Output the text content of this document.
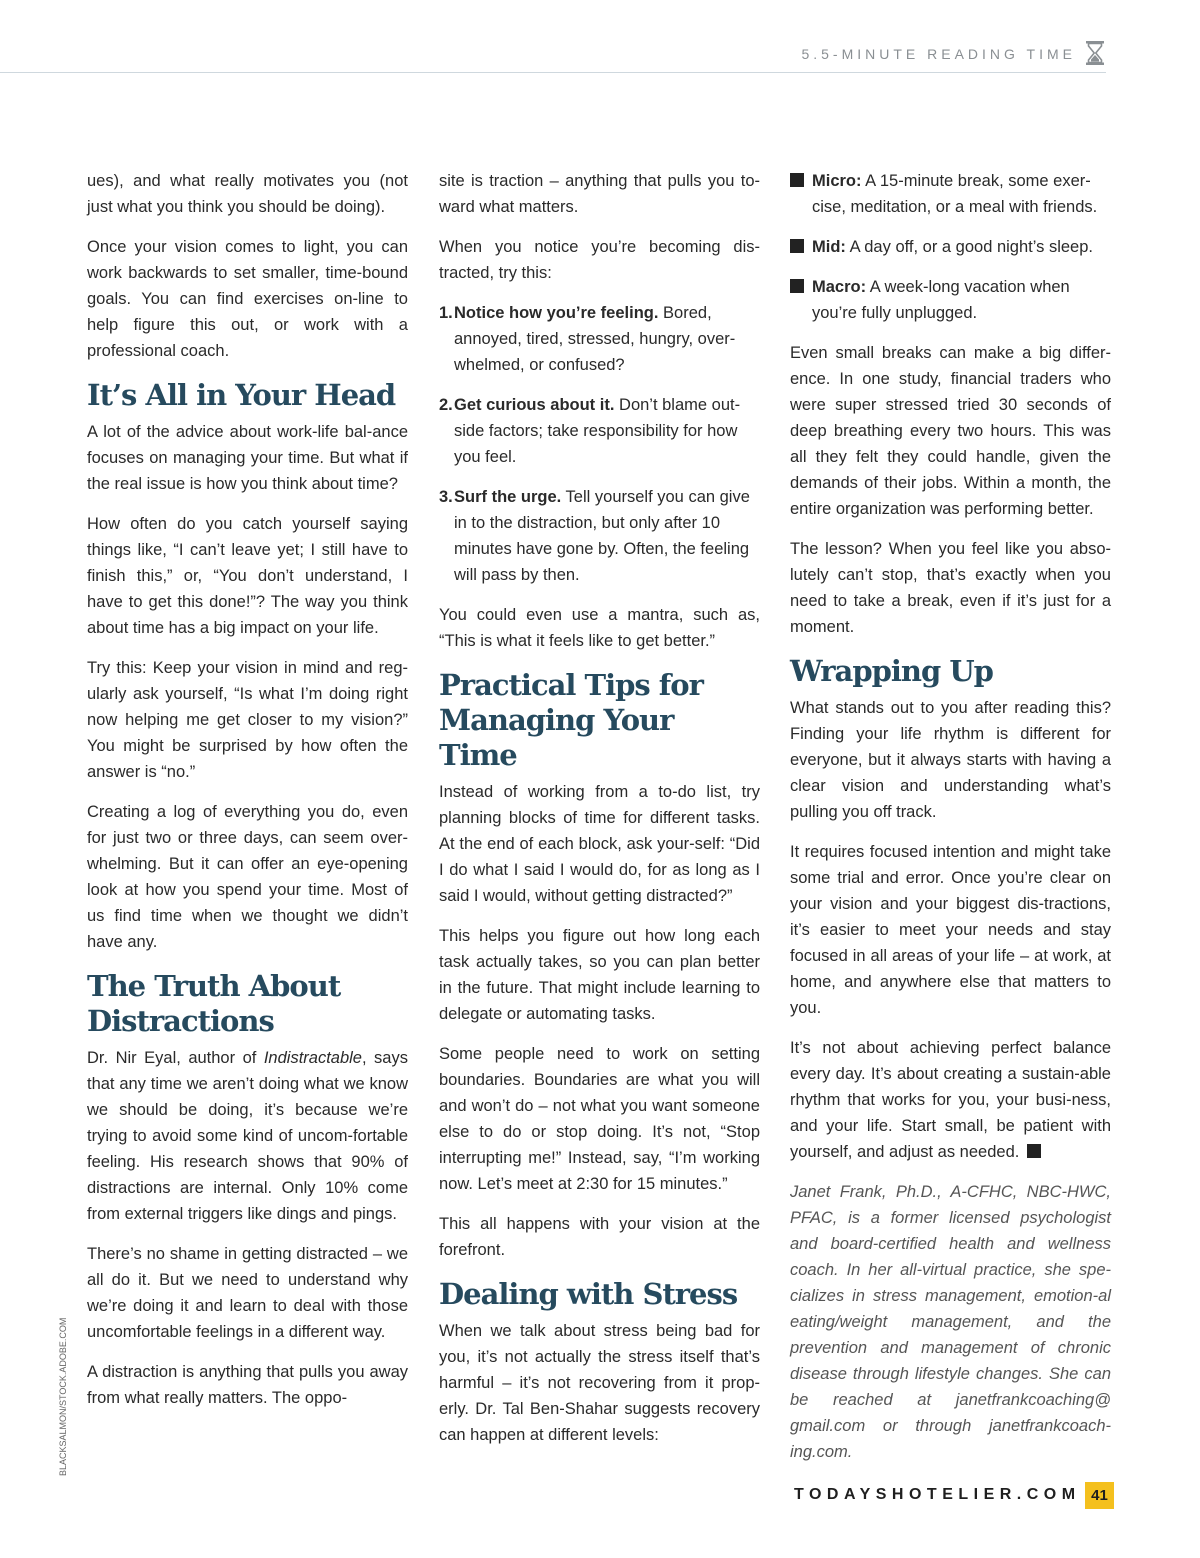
5.5-MINUTE READING TIME

ues), and what really motivates you (not just what you think you should be doing).

Once your vision comes to light, you can work backwards to set smaller, time-bound goals. You can find exercises on-line to help figure this out, or work with a professional coach.

It’s All in Your Head

A lot of the advice about work-life bal-ance focuses on managing your time. But what if the real issue is how you think about time?

How often do you catch yourself saying things like, “I can’t leave yet; I still have to finish this,” or, “You don’t understand, I have to get this done!”? The way you think about time has a big impact on your life.

Try this: Keep your vision in mind and reg-ularly ask yourself, “Is what I’m doing right now helping me get closer to my vision?” You might be surprised by how often the answer is “no.”

Creating a log of everything you do, even for just two or three days, can seem over-whelming. But it can offer an eye-opening look at how you spend your time. Most of us find time when we thought we didn’t have any.

The Truth About Distractions

Dr. Nir Eyal, author of Indistractable, says that any time we aren’t doing what we know we should be doing, it’s because we’re trying to avoid some kind of uncom-fortable feeling. His research shows that 90% of distractions are internal. Only 10% come from external triggers like dings and pings.

There’s no shame in getting distracted – we all do it. But we need to understand why we’re doing it and learn to deal with those uncomfortable feelings in a different way.

A distraction is anything that pulls you away from what really matters. The oppo-

site is traction – anything that pulls you to-ward what matters.

When you notice you’re becoming dis-tracted, try this:

1. Notice how you’re feeling. Bored, annoyed, tired, stressed, hungry, over-whelmed, or confused?
2. Get curious about it. Don’t blame out-side factors; take responsibility for how you feel.
3. Surf the urge. Tell yourself you can give in to the distraction, but only after 10 minutes have gone by. Often, the feeling will pass by then.

You could even use a mantra, such as, “This is what it feels like to get better.”

Practical Tips for Managing Your Time

Instead of working from a to-do list, try planning blocks of time for different tasks. At the end of each block, ask your-self: “Did I do what I said I would do, for as long as I said I would, without getting distracted?”

This helps you figure out how long each task actually takes, so you can plan better in the future. That might include learning to delegate or automating tasks.

Some people need to work on setting boundaries. Boundaries are what you will and won’t do – not what you want someone else to do or stop doing. It’s not, “Stop interrupting me!” Instead, say, “I’m working now. Let’s meet at 2:30 for 15 minutes.”

This all happens with your vision at the forefront.

Dealing with Stress

When we talk about stress being bad for you, it’s not actually the stress itself that’s harmful – it’s not recovering from it prop-erly. Dr. Tal Ben-Shahar suggests recovery can happen at different levels:

Micro: A 15-minute break, some exer-cise, meditation, or a meal with friends.
Mid: A day off, or a good night’s sleep.
Macro: A week-long vacation when you’re fully unplugged.

Even small breaks can make a big differ-ence. In one study, financial traders who were super stressed tried 30 seconds of deep breathing every two hours. This was all they felt they could handle, given the demands of their jobs. Within a month, the entire organization was performing better.

The lesson? When you feel like you abso-lutely can’t stop, that’s exactly when you need to take a break, even if it’s just for a moment.

Wrapping Up

What stands out to you after reading this? Finding your life rhythm is different for everyone, but it always starts with having a clear vision and understanding what’s pulling you off track.

It requires focused intention and might take some trial and error. Once you’re clear on your vision and your biggest dis-tractions, it’s easier to meet your needs and stay focused in all areas of your life – at work, at home, and anywhere else that matters to you.

It’s not about achieving perfect balance every day. It’s about creating a sustain-able rhythm that works for you, your busi-ness, and your life. Start small, be patient with yourself, and adjust as needed.

Janet Frank, Ph.D., A-CFHC, NBC-HWC, PFAC, is a former licensed psychologist and board-certified health and wellness coach. In her all-virtual practice, she spe-cializes in stress management, emotion-al eating/weight management, and the prevention and management of chronic disease through lifestyle changes. She can be reached at janetfrankcoaching@ gmail.com or through janetfrankcoach-ing.com.

BLACKSALMON/STOCK.ADOBE.COM
TODAYSHOTELIER.COM 41
